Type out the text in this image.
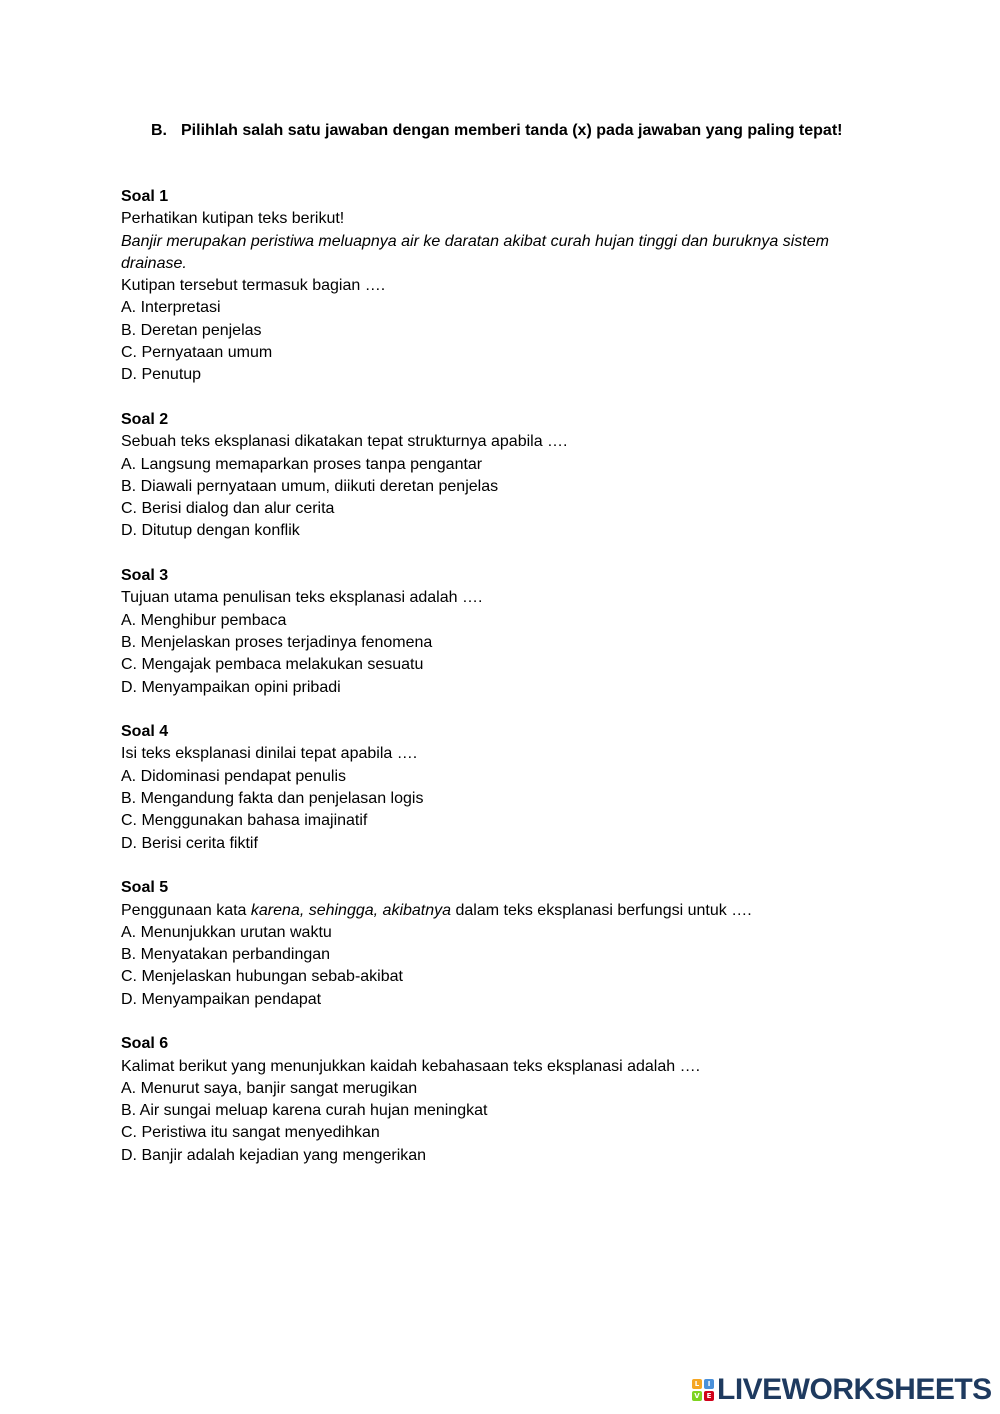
B. Pilihlah salah satu jawaban dengan memberi tanda (x) pada jawaban yang paling tepat!

Soal 1

Perhatikan kutipan teks berikut!

Banjir merupakan peristiwa meluapnya air ke daratan akibat curah hujan tinggi dan buruknya sistem drainase.

Kutipan tersebut termasuk bagian ….

A. Interpretasi
B. Deretan penjelas
C. Pernyataan umum
D. Penutup

Soal 2

Sebuah teks eksplanasi dikatakan tepat strukturnya apabila ….

A. Langsung memaparkan proses tanpa pengantar
B. Diawali pernyataan umum, diikuti deretan penjelas
C. Berisi dialog dan alur cerita
D. Ditutup dengan konflik

Soal 3

Tujuan utama penulisan teks eksplanasi adalah ….

A. Menghibur pembaca
B. Menjelaskan proses terjadinya fenomena
C. Mengajak pembaca melakukan sesuatu
D. Menyampaikan opini pribadi

Soal 4

Isi teks eksplanasi dinilai tepat apabila ….

A. Didominasi pendapat penulis
B. Mengandung fakta dan penjelasan logis
C. Menggunakan bahasa imajinatif
D. Berisi cerita fiktif

Soal 5

Penggunaan kata karena, sehingga, akibatnya dalam teks eksplanasi berfungsi untuk ….

A. Menunjukkan urutan waktu
B. Menyatakan perbandingan
C. Menjelaskan hubungan sebab-akibat
D. Menyampaikan pendapat

Soal 6

Kalimat berikut yang menunjukkan kaidah kebahasaan teks eksplanasi adalah ….

A. Menurut saya, banjir sangat merugikan
B. Air sungai meluap karena curah hujan meningkat
C. Peristiwa itu sangat menyedihkan
D. Banjir adalah kejadian yang mengerikan
L	I
V E LIVEWORKSHEETS
